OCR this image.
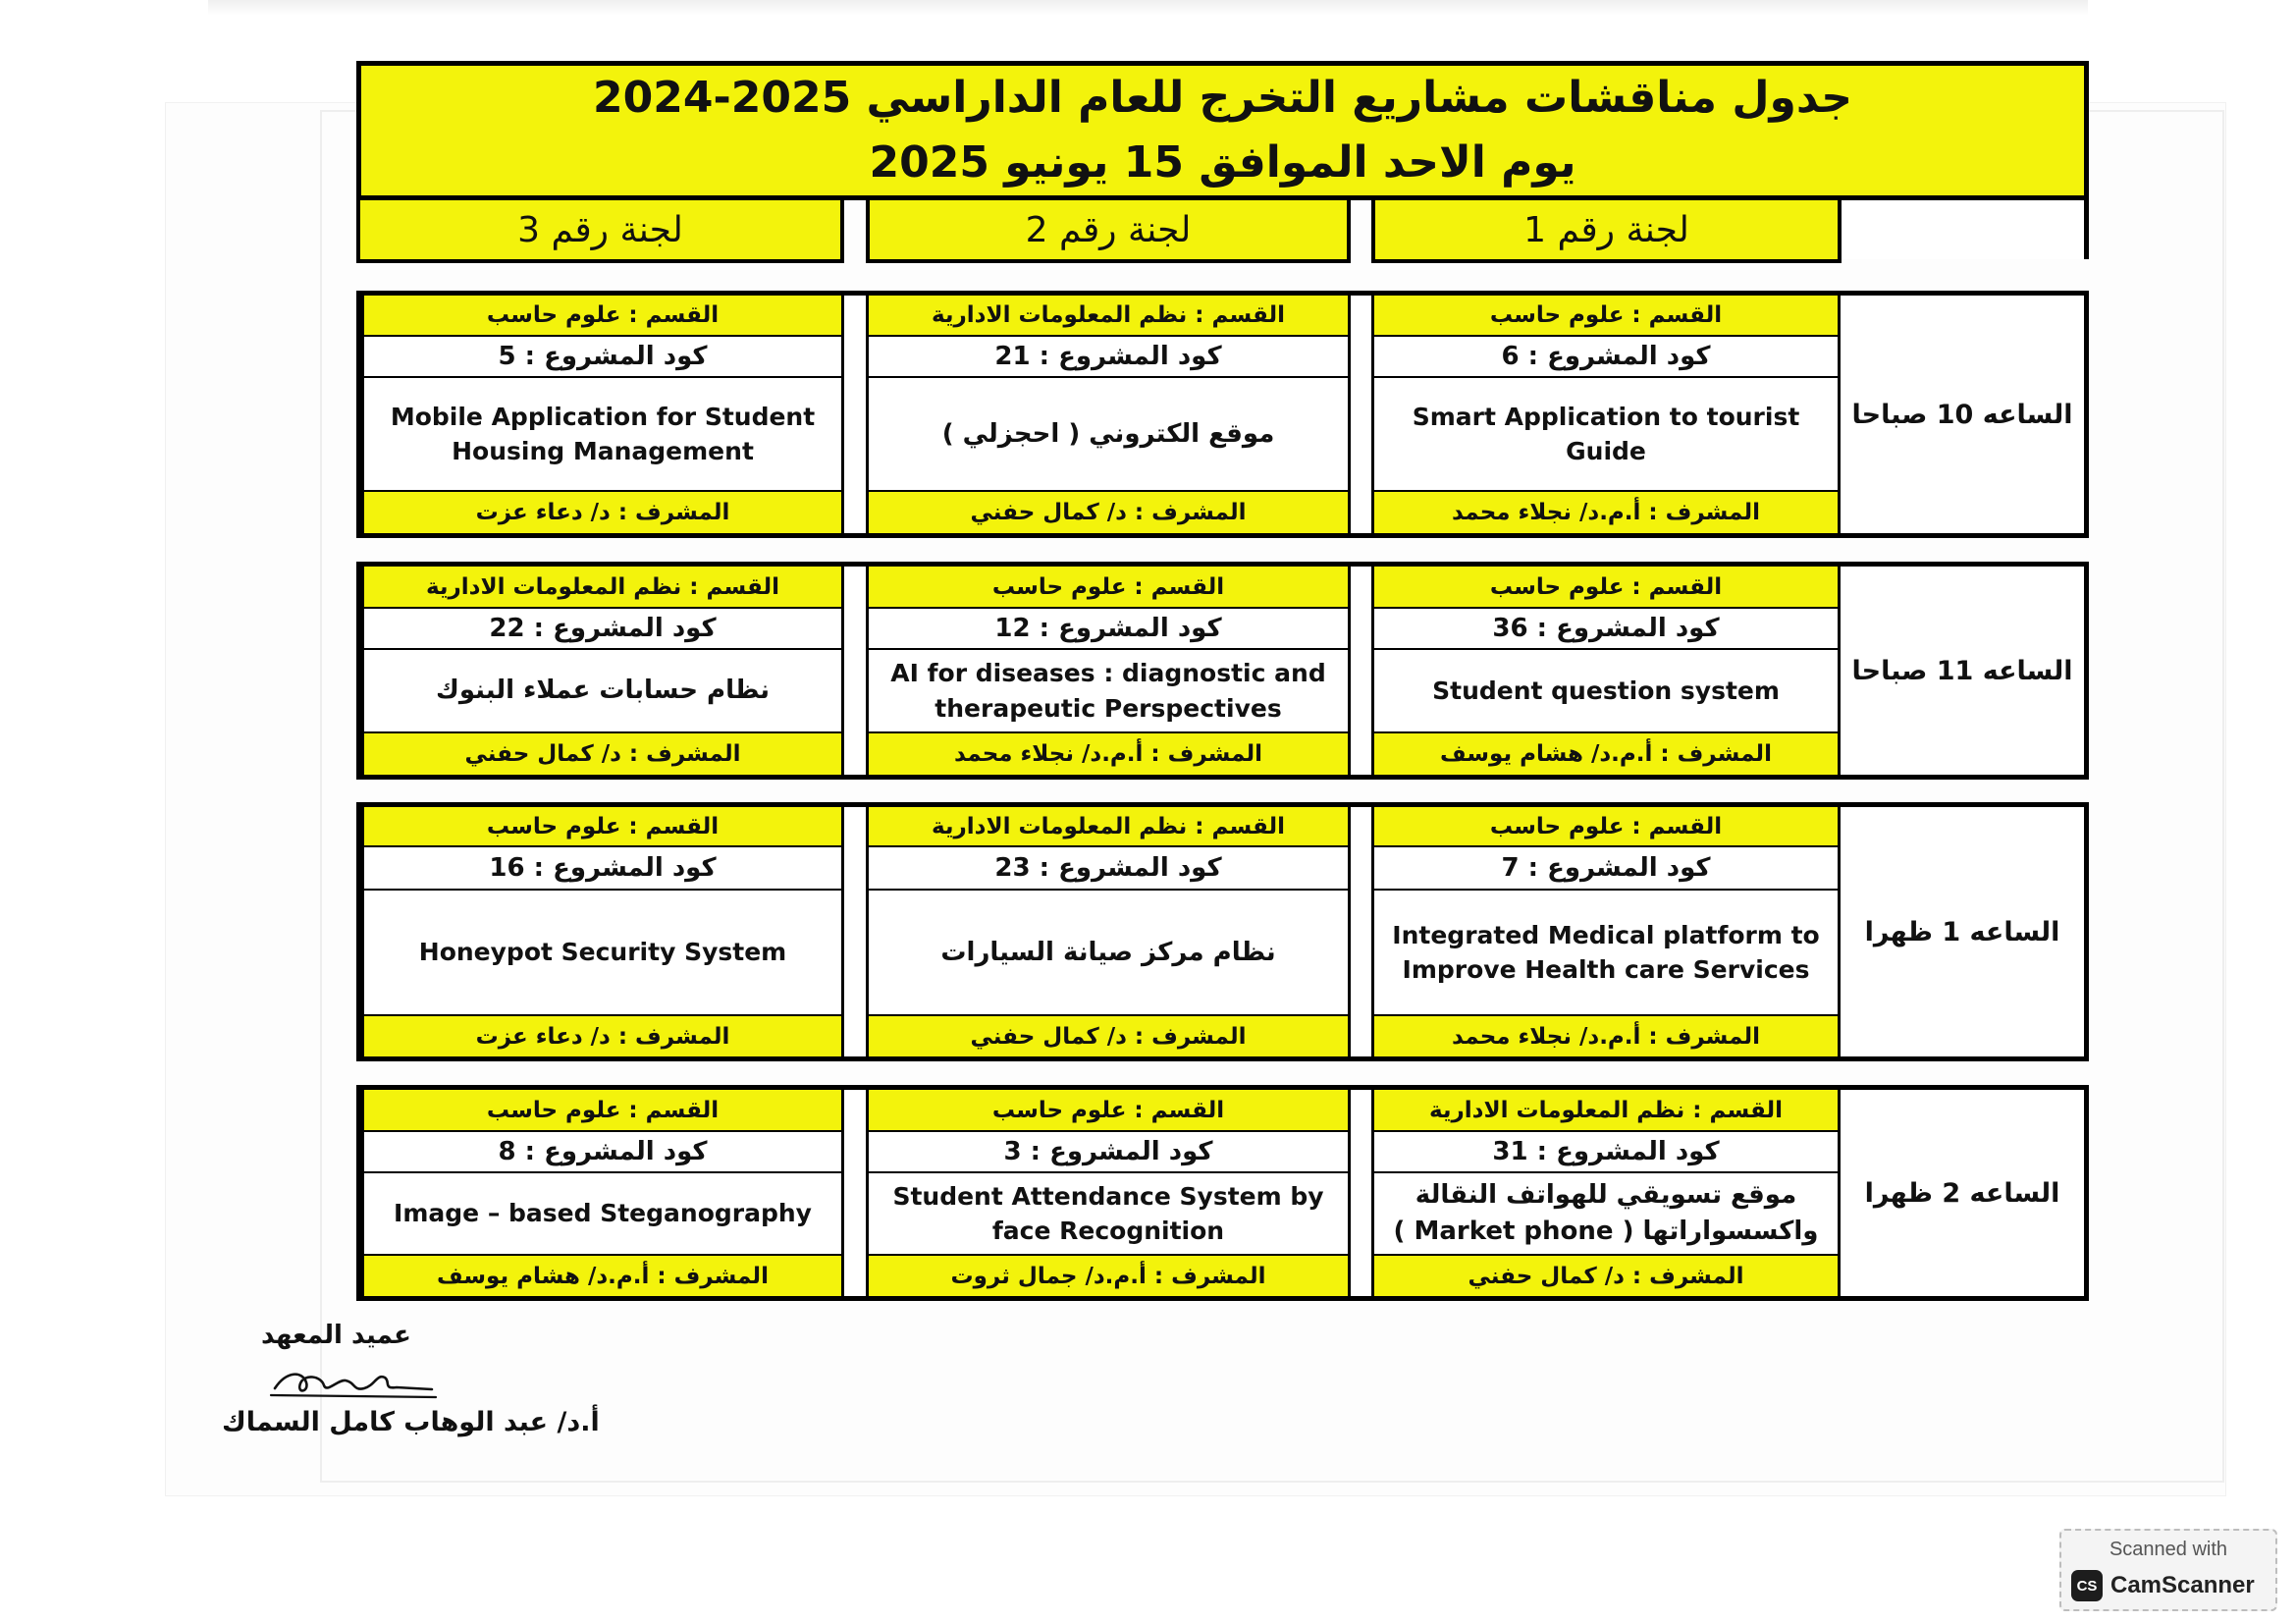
جدول مناقشات مشاريع التخرج للعام الداراسي 2025-2024
يوم الاحد الموافق 15 يونيو 2025
لجنة رقم 3	لجنة رقم 2	لجنة رقم 1
القسم : علوم حاسب
كود المشروع : 5
Mobile Application for Student
Housing Management
المشرف : د/ دعاء عزت
القسم : نظم المعلومات الادارية
كود المشروع : 21
موقع الكتروني ( احجزلي )
المشرف : د/ كمال حفني
القسم : علوم حاسب
كود المشروع : 6
Smart Application to tourist
Guide
المشرف : أ.م.د/ نجلاء محمد
الساعه 10 صباحا
القسم : نظم المعلومات الادارية
كود المشروع : 22
نظام حسابات عملاء البنوك
المشرف : د/ كمال حفني
القسم : علوم حاسب
كود المشروع : 12
AI for diseases : diagnostic and
therapeutic Perspectives
المشرف : أ.م.د/ نجلاء محمد
القسم : علوم حاسب
كود المشروع : 36
Student question system
المشرف : أ.م.د/ هشام يوسف
الساعه 11 صباحا
القسم : علوم حاسب
كود المشروع : 16
Honeypot Security System
المشرف : د/ دعاء عزت
القسم : نظم المعلومات الادارية
كود المشروع : 23
نظام مركز صيانة السيارات
المشرف : د/ كمال حفني
القسم : علوم حاسب
كود المشروع : 7
Integrated Medical platform to
Improve Health care Services
المشرف : أ.م.د/ نجلاء محمد
الساعه 1 ظهرا
القسم : علوم حاسب
كود المشروع : 8
Image – based Steganography
المشرف : أ.م.د/ هشام يوسف
القسم : علوم حاسب
كود المشروع : 3
Student Attendance System by
face Recognition
المشرف : أ.م.د/ جمال ثروت
القسم : نظم المعلومات الادارية
كود المشروع : 31
موقع تسويقي للهواتف النقالة
واكسسواراتها ( Market phone )
المشرف : د/ كمال حفني
الساعه 2 ظهرا
عميد المعهد
أ.د/ عبد الوهاب كامل السماك
Scanned with
CS CamScanner
